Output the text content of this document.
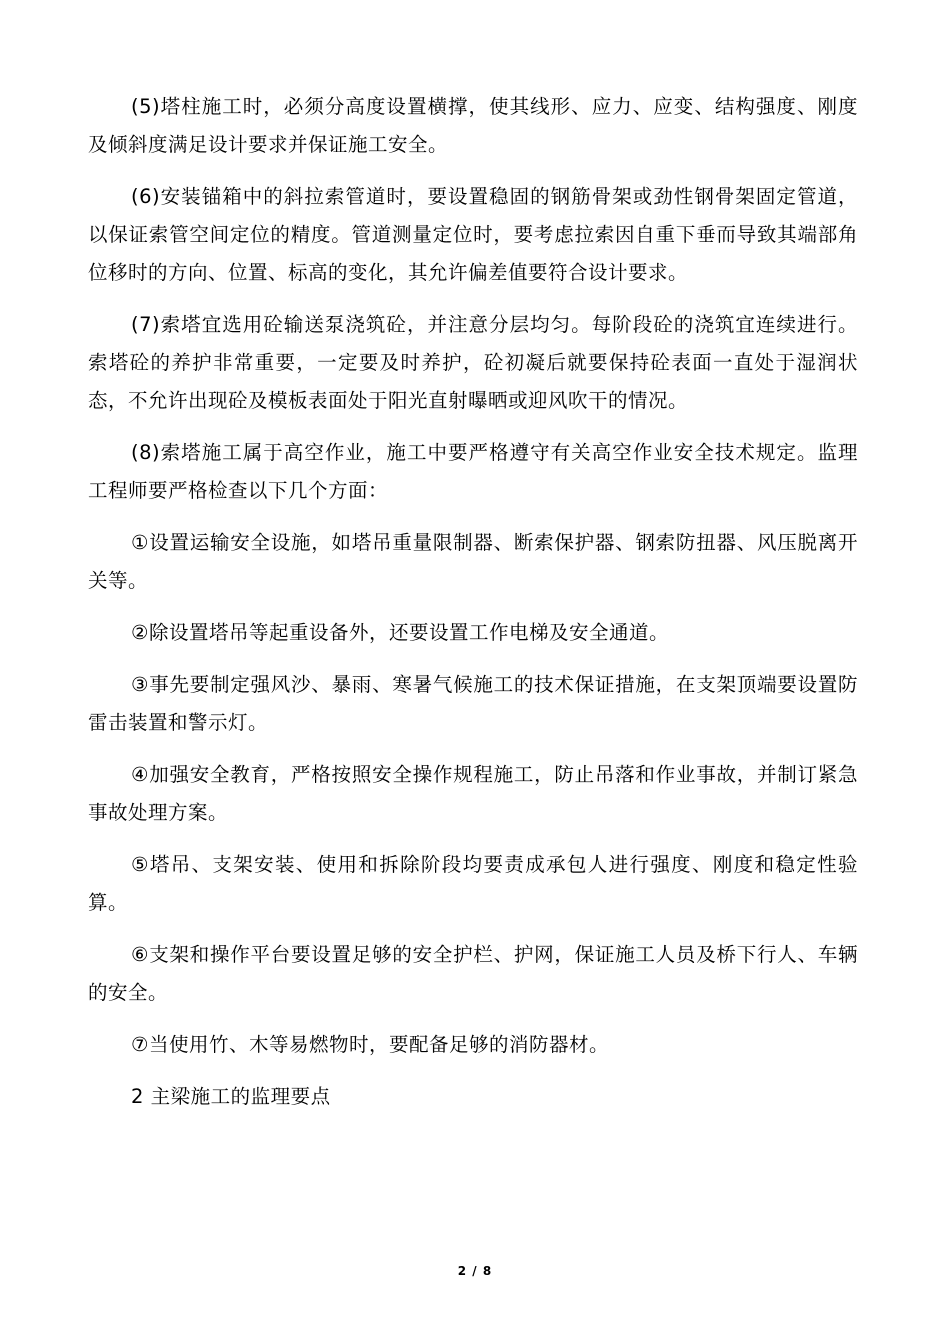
(5)塔柱施工时，必须分高度设置横撑，使其线形、应力、应变、结构强度、刚度及倾斜度满足设计要求并保证施工安全。

(6)安装锚箱中的斜拉索管道时，要设置稳固的钢筋骨架或劲性钢骨架固定管道，以保证索管空间定位的精度。管道测量定位时，要考虑拉索因自重下垂而导致其端部角位移时的方向、位置、标高的变化，其允许偏差值要符合设计要求。

(7)索塔宜选用砼输送泵浇筑砼，并注意分层均匀。每阶段砼的浇筑宜连续进行。索塔砼的养护非常重要，一定要及时养护，砼初凝后就要保持砼表面一直处于湿润状态，不允许出现砼及模板表面处于阳光直射曝晒或迎风吹干的情况。

(8)索塔施工属于高空作业，施工中要严格遵守有关高空作业安全技术规定。监理工程师要严格检查以下几个方面：

①设置运输安全设施，如塔吊重量限制器、断索保护器、钢索防扭器、风压脱离开关等。

②除设置塔吊等起重设备外，还要设置工作电梯及安全通道。

③事先要制定强风沙、暴雨、寒暑气候施工的技术保证措施，在支架顶端要设置防雷击装置和警示灯。

④加强安全教育，严格按照安全操作规程施工，防止吊落和作业事故，并制订紧急事故处理方案。

⑤塔吊、支架安装、使用和拆除阶段均要责成承包人进行强度、刚度和稳定性验算。

⑥支架和操作平台要设置足够的安全护栏、护网，保证施工人员及桥下行人、车辆的安全。

⑦当使用竹、木等易燃物时，要配备足够的消防器材。

2 主梁施工的监理要点

2 / 8
